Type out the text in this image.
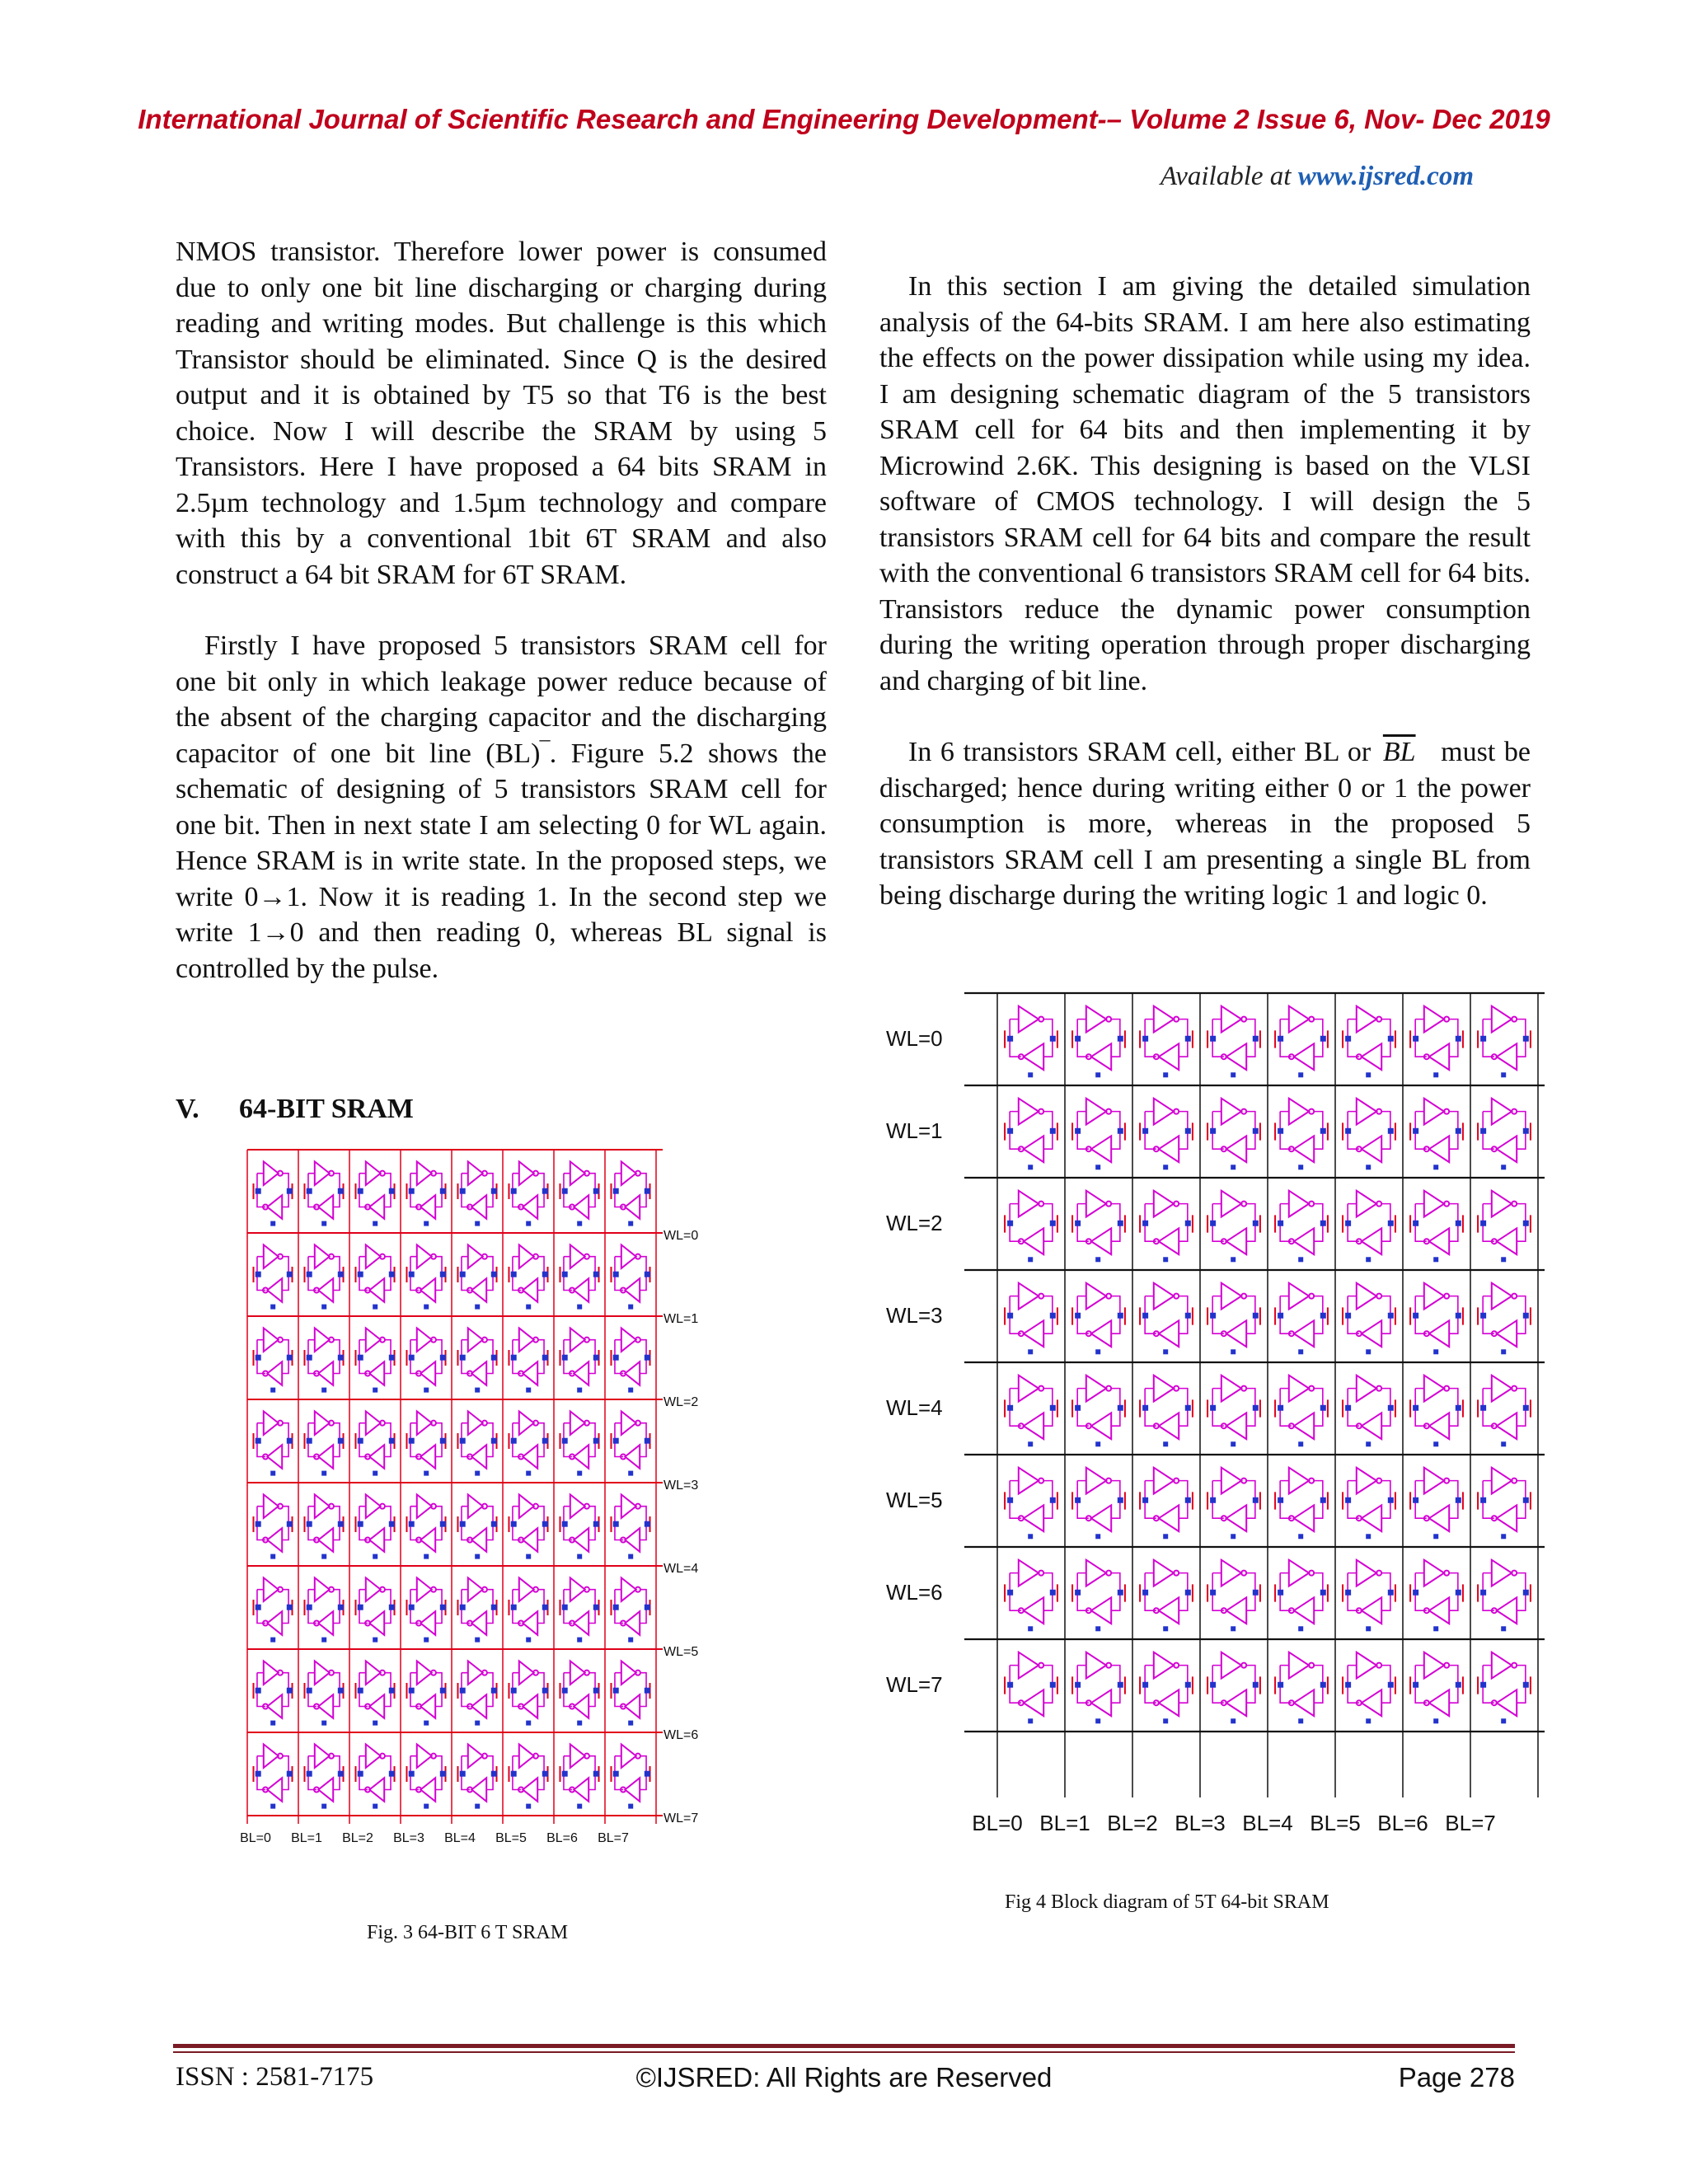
International Journal of Scientific Research and Engineering Development-– Volume 2 Issue 6, Nov- Dec 2019
Available at www.ijsred.com

NMOS transistor. Therefore lower power is consumed due to only one bit line discharging or charging during reading and writing modes. But challenge is this which Transistor should be eliminated. Since Q is the desired output and it is obtained by T5 so that T6 is the best choice. Now I will describe the SRAM by using 5 Transistors. Here I have proposed a 64 bits SRAM in 2.5µm technology and 1.5µm technology and compare with this by a conventional 1bit 6T SRAM and also construct a 64 bit SRAM for 6T SRAM.

Firstly I have proposed 5 transistors SRAM cell for one bit only in which leakage power reduce because of the absent of the charging capacitor and the discharging capacitor of one bit line (BL)‾. Figure 5.2 shows the schematic of designing of 5 transistors SRAM cell for one bit. Then in next state I am selecting 0 for WL again. Hence SRAM is in write state. In the proposed steps, we write 0→1. Now it is reading 1. In the second step we write 1→0 and then reading 0, whereas BL signal is controlled by the pulse.

V. 64-BIT SRAM

In this section I am giving the detailed simulation analysis of the 64-bits SRAM. I am here also estimating the effects on the power dissipation while using my idea. I am designing schematic diagram of the 5 transistors SRAM cell for 64 bits and then implementing it by Microwind 2.6K. This designing is based on the VLSI software of CMOS technology. I will design the 5 transistors SRAM cell for 64 bits and compare the result with the conventional 6 transistors SRAM cell for 64 bits. Transistors reduce the dynamic power consumption during the writing operation through proper discharging and charging of bit line.

In 6 transistors SRAM cell, either BL or $\overline{BL}$ must be discharged; hence during writing either 0 or 1 the power consumption is more, whereas in the proposed 5 transistors SRAM cell I am presenting a single BL from being discharge during the writing logic 1 and logic 0.

WL=0
WL=1
WL=2
WL=3
WL=4
WL=5
WL=6
WL=7
BL=0 BL=1 BL=2 BL=3 BL=4 BL=5 BL=6 BL=7
Fig. 3 64-BIT 6 T SRAM
WL=0
WL=1
WL=2
WL=3
WL=4
WL=5
WL=6
WL=7
BL=0 BL=1 BL=2 BL=3 BL=4 BL=5 BL=6 BL=7
Fig 4 Block diagram of 5T 64-bit SRAM
ISSN : 2581-7175	©IJSRED: All Rights are Reserved	Page 278
